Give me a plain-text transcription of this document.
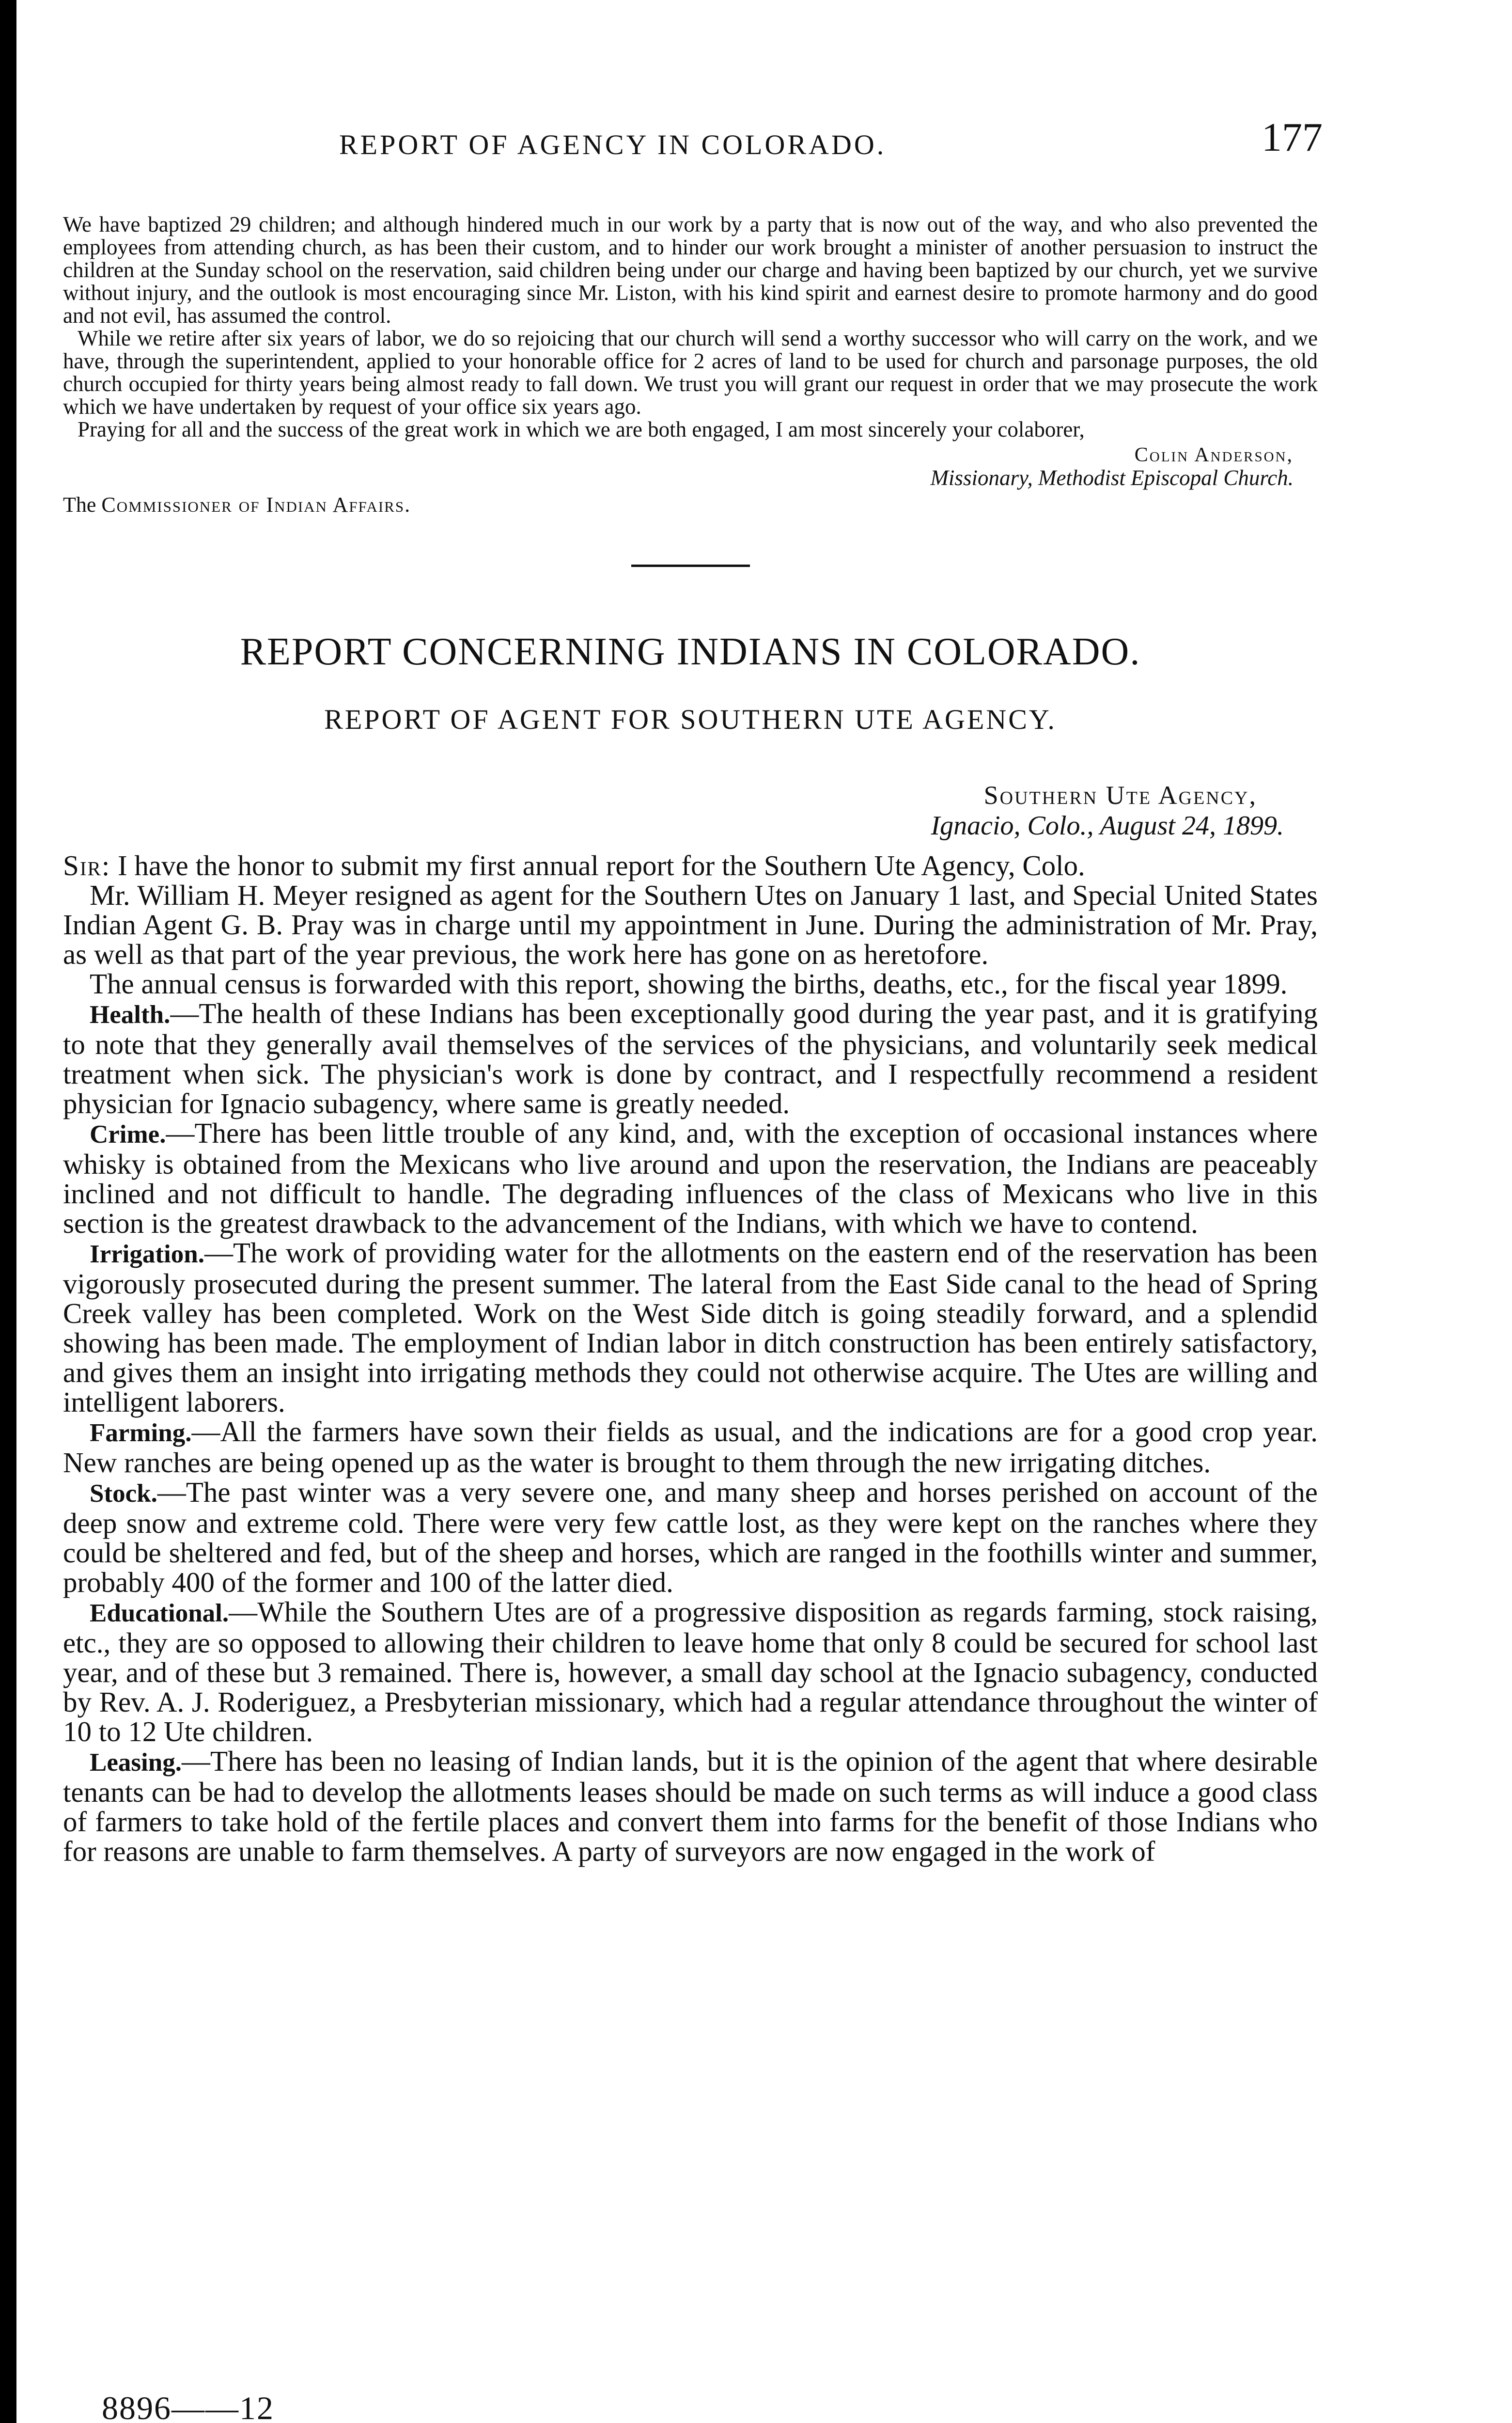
REPORT OF AGENCY IN COLORADO.	177

We have baptized 29 children; and although hindered much in our work by a party that is now out of the way, and who also prevented the employees from attending church, as has been their custom, and to hinder our work brought a minister of another persuasion to instruct the children at the Sunday school on the reservation, said children being under our charge and having been baptized by our church, yet we survive without injury, and the outlook is most encouraging since Mr. Liston, with his kind spirit and earnest desire to promote harmony and do good and not evil, has assumed the control.

While we retire after six years of labor, we do so rejoicing that our church will send a worthy successor who will carry on the work, and we have, through the superintendent, applied to your honorable office for 2 acres of land to be used for church and parsonage purposes, the old church occupied for thirty years being almost ready to fall down. We trust you will grant our request in order that we may prosecute the work which we have undertaken by request of your office six years ago.

Praying for all and the success of the great work in which we are both engaged, I am most sincerely your colaborer,

Colin Anderson,
Missionary, Methodist Episcopal Church.
The Commissioner of Indian Affairs.
REPORT CONCERNING INDIANS IN COLORADO.
REPORT OF AGENT FOR SOUTHERN UTE AGENCY.
Southern Ute Agency,
Ignacio, Colo., August 24, 1899.

Sir: I have the honor to submit my first annual report for the Southern Ute Agency, Colo.

Mr. William H. Meyer resigned as agent for the Southern Utes on January 1 last, and Special United States Indian Agent G. B. Pray was in charge until my appointment in June. During the administration of Mr. Pray, as well as that part of the year previous, the work here has gone on as heretofore.

The annual census is forwarded with this report, showing the births, deaths, etc., for the fiscal year 1899.

Health.—The health of these Indians has been exceptionally good during the year past, and it is gratifying to note that they generally avail themselves of the services of the physicians, and voluntarily seek medical treatment when sick. The physician's work is done by contract, and I respectfully recommend a resident physician for Ignacio subagency, where same is greatly needed.

Crime.—There has been little trouble of any kind, and, with the exception of occasional instances where whisky is obtained from the Mexicans who live around and upon the reservation, the Indians are peaceably inclined and not difficult to handle. The degrading influences of the class of Mexicans who live in this section is the greatest drawback to the advancement of the Indians, with which we have to contend.

Irrigation.—The work of providing water for the allotments on the eastern end of the reservation has been vigorously prosecuted during the present summer. The lateral from the East Side canal to the head of Spring Creek valley has been completed. Work on the West Side ditch is going steadily forward, and a splendid showing has been made. The employment of Indian labor in ditch construction has been entirely satisfactory, and gives them an insight into irrigating methods they could not otherwise acquire. The Utes are willing and intelligent laborers.

Farming.—All the farmers have sown their fields as usual, and the indications are for a good crop year. New ranches are being opened up as the water is brought to them through the new irrigating ditches.

Stock.—The past winter was a very severe one, and many sheep and horses perished on account of the deep snow and extreme cold. There were very few cattle lost, as they were kept on the ranches where they could be sheltered and fed, but of the sheep and horses, which are ranged in the foothills winter and summer, probably 400 of the former and 100 of the latter died.

Educational.—While the Southern Utes are of a progressive disposition as regards farming, stock raising, etc., they are so opposed to allowing their children to leave home that only 8 could be secured for school last year, and of these but 3 remained. There is, however, a small day school at the Ignacio subagency, conducted by Rev. A. J. Roderiguez, a Presbyterian missionary, which had a regular attendance throughout the winter of 10 to 12 Ute children.

Leasing.—There has been no leasing of Indian lands, but it is the opinion of the agent that where desirable tenants can be had to develop the allotments leases should be made on such terms as will induce a good class of farmers to take hold of the fertile places and convert them into farms for the benefit of those Indians who for reasons are unable to farm themselves. A party of surveyors are now engaged in the work of

8896——12
